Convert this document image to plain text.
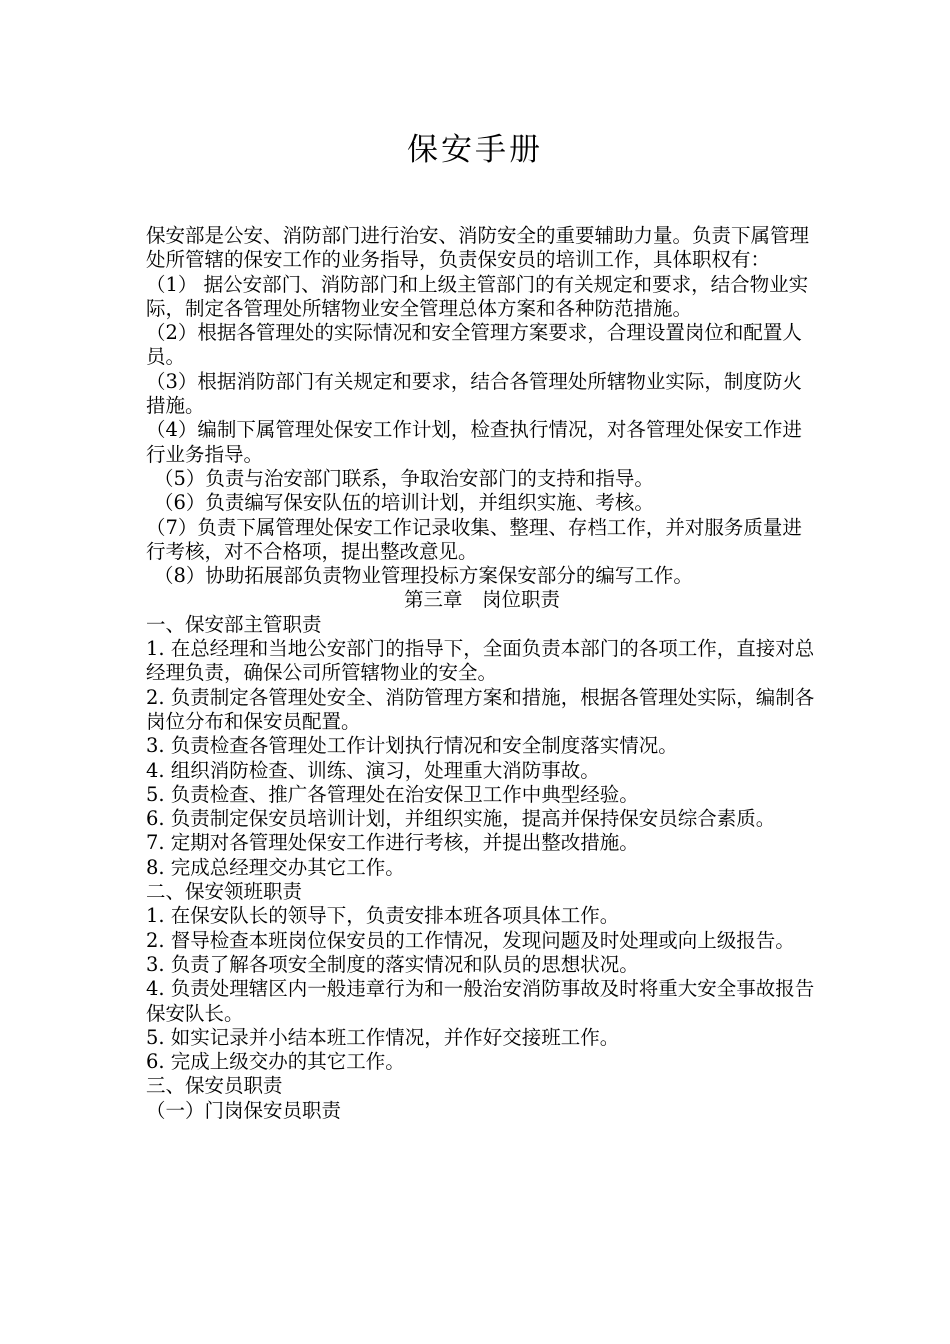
保安手册

保安部是公安、消防部门进行治安、消防安全的重要辅助力量。负责下属管理处所管辖的保安工作的业务指导，负责保安员的培训工作，具体职权有：

（1） 据公安部门、消防部门和上级主管部门的有关规定和要求，结合物业实际，制定各管理处所辖物业安全管理总体方案和各种防范措施。

（2）根据各管理处的实际情况和安全管理方案要求，合理设置岗位和配置人员。

（3）根据消防部门有关规定和要求，结合各管理处所辖物业实际，制度防火措施。

（4）编制下属管理处保安工作计划，检查执行情况，对各管理处保安工作进行业务指导。

（5）负责与治安部门联系，争取治安部门的支持和指导。

（6）负责编写保安队伍的培训计划，并组织实施、考核。

（7）负责下属管理处保安工作记录收集、整理、存档工作，并对服务质量进行考核，对不合格项，提出整改意见。

（8）协助拓展部负责物业管理投标方案保安部分的编写工作。

第三章　岗位职责

一、保安部主管职责

1. 在总经理和当地公安部门的指导下，全面负责本部门的各项工作，直接对总经理负责，确保公司所管辖物业的安全。

2. 负责制定各管理处安全、消防管理方案和措施，根据各管理处实际，编制各岗位分布和保安员配置。

3. 负责检查各管理处工作计划执行情况和安全制度落实情况。

4. 组织消防检查、训练、演习，处理重大消防事故。

5. 负责检查、推广各管理处在治安保卫工作中典型经验。

6. 负责制定保安员培训计划，并组织实施，提高并保持保安员综合素质。

7. 定期对各管理处保安工作进行考核，并提出整改措施。

8. 完成总经理交办其它工作。

二、保安领班职责

1. 在保安队长的领导下，负责安排本班各项具体工作。

2. 督导检查本班岗位保安员的工作情况，发现问题及时处理或向上级报告。

3. 负责了解各项安全制度的落实情况和队员的思想状况。

4. 负责处理辖区内一般违章行为和一般治安消防事故及时将重大安全事故报告保安队长。

5. 如实记录并小结本班工作情况，并作好交接班工作。

6. 完成上级交办的其它工作。

三、保安员职责

（一）门岗保安员职责
